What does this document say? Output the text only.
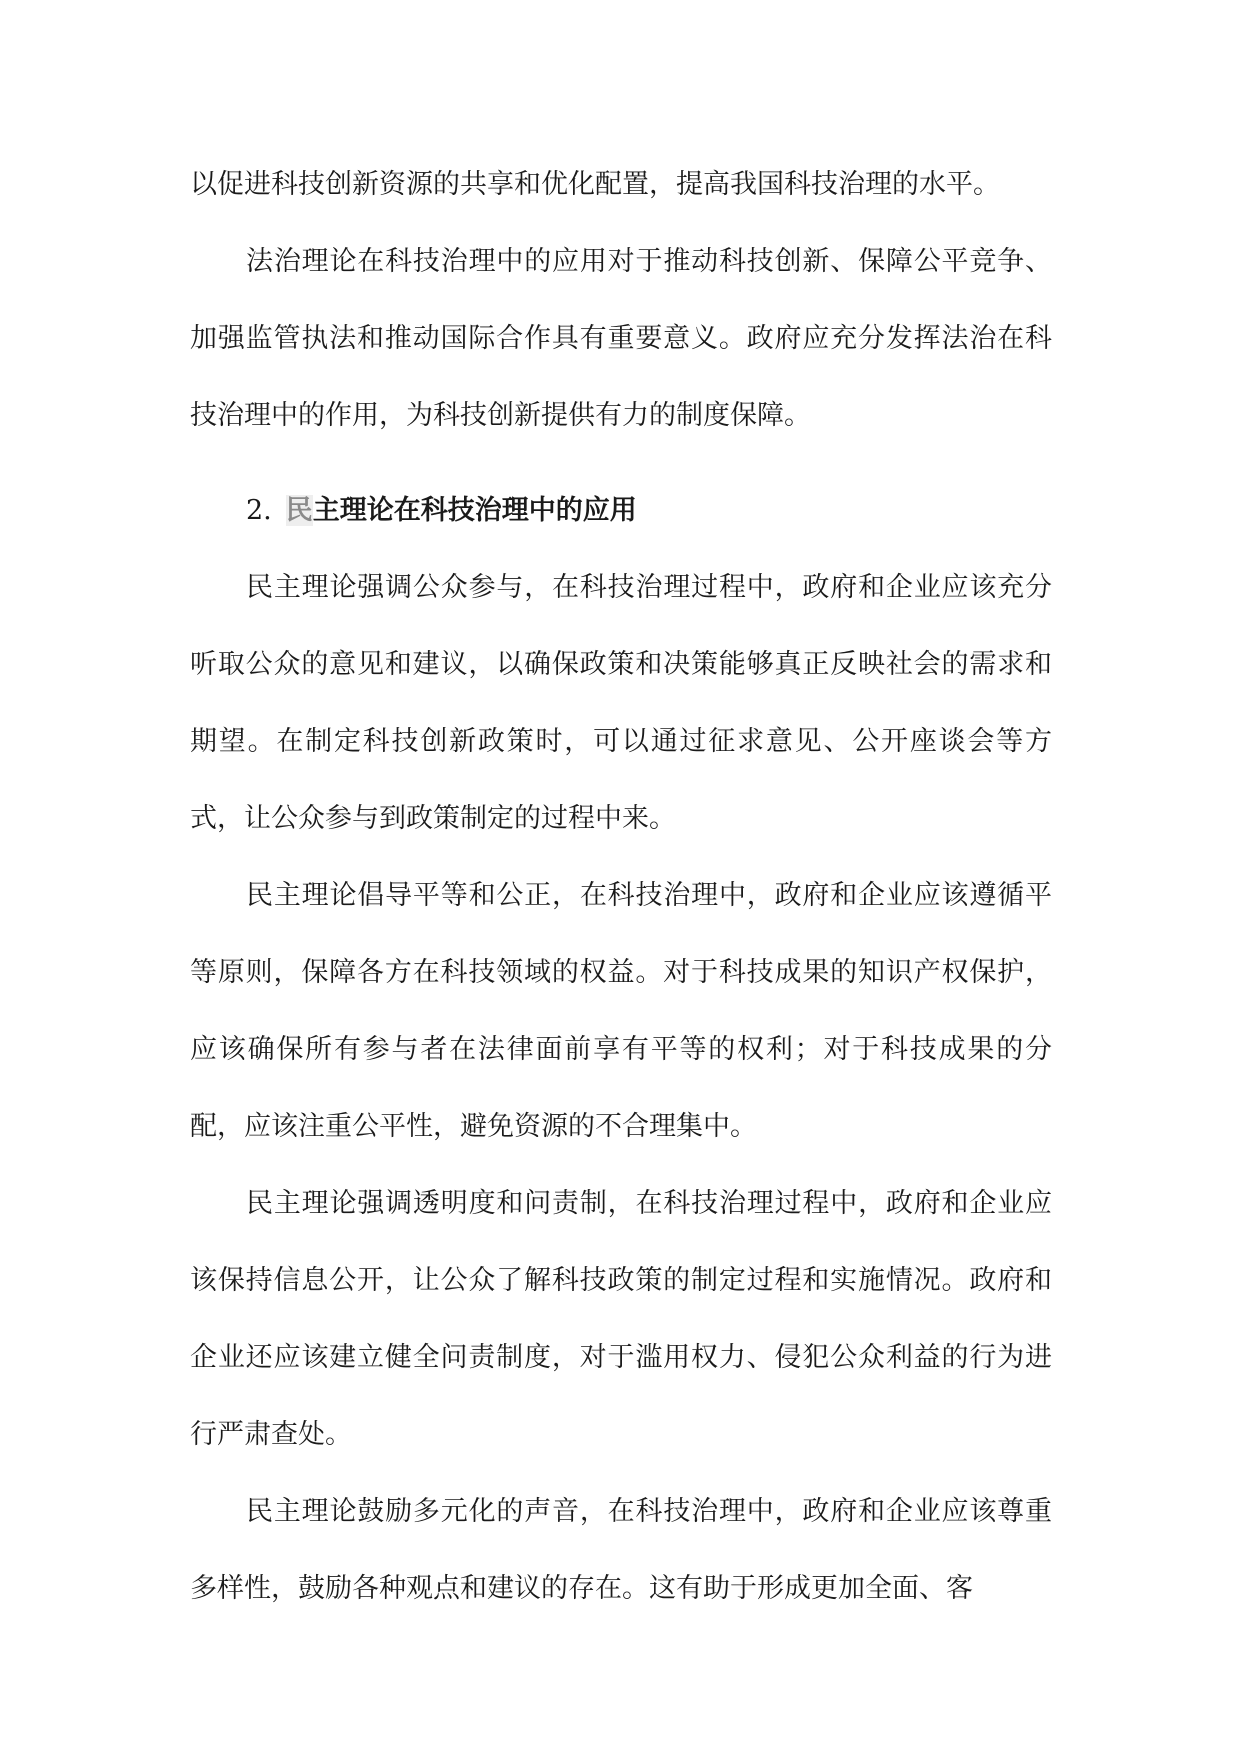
以促进科技创新资源的共享和优化配置，提高我国科技治理的水平。

法治理论在科技治理中的应用对于推动科技创新、保障公平竞争、加强监管执法和推动国际合作具有重要意义。政府应充分发挥法治在科技治理中的作用，为科技创新提供有力的制度保障。

2. 民主理论在科技治理中的应用

民主理论强调公众参与，在科技治理过程中，政府和企业应该充分听取公众的意见和建议，以确保政策和决策能够真正反映社会的需求和期望。在制定科技创新政策时，可以通过征求意见、公开座谈会等方式，让公众参与到政策制定的过程中来。

民主理论倡导平等和公正，在科技治理中，政府和企业应该遵循平等原则，保障各方在科技领域的权益。对于科技成果的知识产权保护，应该确保所有参与者在法律面前享有平等的权利；对于科技成果的分配，应该注重公平性，避免资源的不合理集中。

民主理论强调透明度和问责制，在科技治理过程中，政府和企业应该保持信息公开，让公众了解科技政策的制定过程和实施情况。政府和企业还应该建立健全问责制度，对于滥用权力、侵犯公众利益的行为进行严肃查处。

民主理论鼓励多元化的声音，在科技治理中，政府和企业应该尊重多样性，鼓励各种观点和建议的存在。这有助于形成更加全面、客
